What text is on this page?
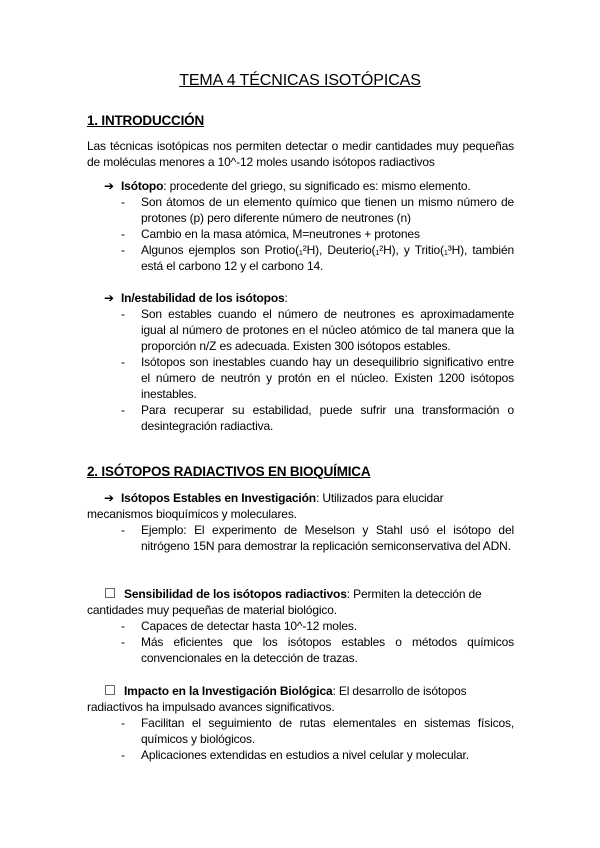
TEMA 4 TÉCNICAS ISOTÓPICAS
1. INTRODUCCIÓN
Las técnicas isotópicas nos permiten detectar o medir cantidades muy pequeñas de moléculas menores a 10^-12 moles usando isótopos radiactivos
➔ Isótopo: procedente del griego, su significado es: mismo elemento.
- Son átomos de un elemento químico que tienen un mismo número de protones (p) pero diferente número de neutrones (n)
- Cambio en la masa atómica, M=neutrones + protones
- Algunos ejemplos son Protio(₁²H), Deuterio(₁²H), y Tritio(₁³H), también está el carbono 12 y el carbono 14.
➔ In/estabilidad de los isótopos:
- Son estables cuando el número de neutrones es aproximadamente igual al número de protones en el núcleo atómico de tal manera que la proporción n/Z es adecuada. Existen 300 isótopos estables.
- Isótopos son inestables cuando hay un desequilibrio significativo entre el número de neutrón y protón en el núcleo. Existen 1200 isótopos inestables.
- Para recuperar su estabilidad, puede sufrir una transformación o desintegración radiactiva.
2. ISÓTOPOS RADIACTIVOS EN BIOQUÍMICA
➔ Isótopos Estables en Investigación: Utilizados para elucidar
mecanismos bioquímicos y moleculares.
- Ejemplo: El experimento de Meselson y Stahl usó el isótopo del nitrógeno 15N para demostrar la replicación semiconservativa del ADN.
Sensibilidad de los isótopos radiactivos: Permiten la detección de
cantidades muy pequeñas de material biológico.
- Capaces de detectar hasta 10^-12 moles.
- Más eficientes que los isótopos estables o métodos químicos convencionales en la detección de trazas.
Impacto en la Investigación Biológica: El desarrollo de isótopos
radiactivos ha impulsado avances significativos.
- Facilitan el seguimiento de rutas elementales en sistemas físicos, químicos y biológicos.
- Aplicaciones extendidas en estudios a nivel celular y molecular.
